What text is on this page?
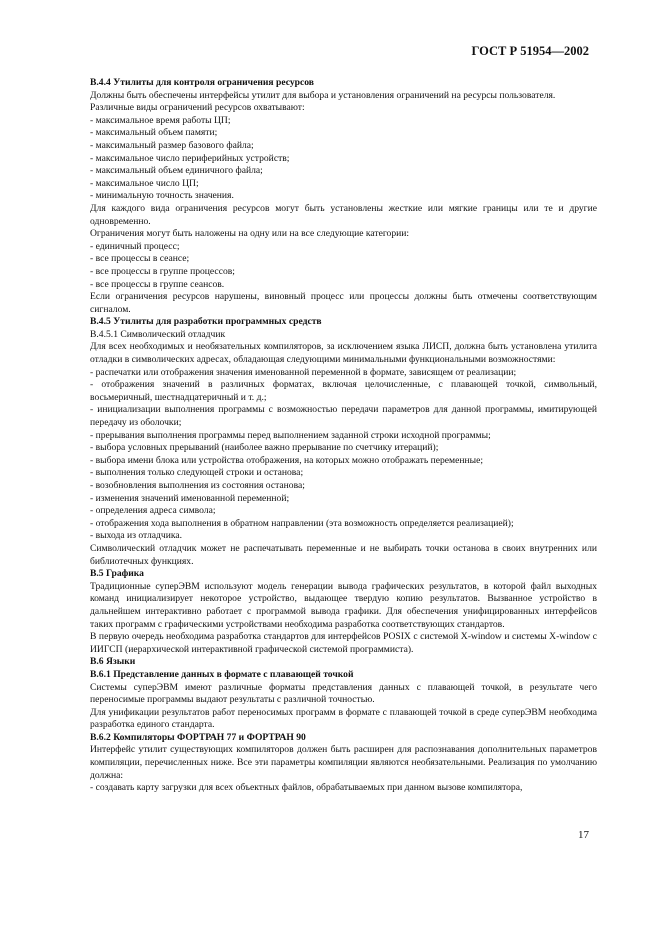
ГОСТ Р 51954—2002

В.4.4 Утилиты для контроля ограничения ресурсов

Должны быть обеспечены интерфейсы утилит для выбора и установления ограничений на ресурсы пользователя.

Различные виды ограничений ресурсов охватывают:

- максимальное время работы ЦП;

- максимальный объем памяти;

- максимальный размер базового файла;

- максимальное число периферийных устройств;

- максимальный объем единичного файла;

- максимальное число ЦП;

- минимальную точность значения.

Для каждого вида ограничения ресурсов могут быть установлены жесткие или мягкие границы или те и другие одновременно.

Ограничения могут быть наложены на одну или на все следующие категории:

- единичный процесс;

- все процессы в сеансе;

- все процессы в группе процессов;

- все процессы в группе сеансов.

Если ограничения ресурсов нарушены, виновный процесс или процессы должны быть отмечены соответствующим сигналом.

В.4.5 Утилиты для разработки программных средств

В.4.5.1 Символический отладчик

Для всех необходимых и необязательных компиляторов, за исключением языка ЛИСП, должна быть установлена утилита отладки в символических адресах, обладающая следующими минимальными функциональными возможностями:

- распечатки или отображения значения именованной переменной в формате, зависящем от реализации;

- отображения значений в различных форматах, включая целочисленные, с плавающей точкой, символьный, восьмеричный, шестнадцатеричный и т. д.;

- инициализации выполнения программы с возможностью передачи параметров для данной программы, имитирующей передачу из оболочки;

- прерывания выполнения программы перед выполнением заданной строки исходной программы;

- выбора условных прерываний (наиболее важно прерывание по счетчику итераций);

- выбора имени блока или устройства отображения, на которых можно отображать переменные;

- выполнения только следующей строки и останова;

- возобновления выполнения из состояния останова;

- изменения значений именованной переменной;

- определения адреса символа;

- отображения хода выполнения в обратном направлении (эта возможность определяется реализацией);

- выхода из отладчика.

Символический отладчик может не распечатывать переменные и не выбирать точки останова в своих внутренних или библиотечных функциях.

В.5 Графика

Традиционные суперЭВМ используют модель генерации вывода графических результатов, в которой файл выходных команд инициализирует некоторое устройство, выдающее твердую копию результатов. Вызванное устройство в дальнейшем интерактивно работает с программой вывода графики. Для обеспечения унифицированных интерфейсов таких программ с графическими устройствами необходима разработка соответствующих стандартов.

В первую очередь необходима разработка стандартов для интерфейсов POSIX с системой X-window и системы X-window с ИИГСП (иерархической интерактивной графической системой программиста).

В.6 Языки

В.6.1 Представление данных в формате с плавающей точкой

Системы суперЭВМ имеют различные форматы представления данных с плавающей точкой, в результате чего переносимые программы выдают результаты с различной точностью.

Для унификации результатов работ переносимых программ в формате с плавающей точкой в среде суперЭВМ необходима разработка единого стандарта.

В.6.2 Компиляторы ФОРТРАН 77 и ФОРТРАН 90

Интерфейс утилит существующих компиляторов должен быть расширен для распознавания дополнительных параметров компиляции, перечисленных ниже. Все эти параметры компиляции являются необязательными. Реализация по умолчанию должна:

- создавать карту загрузки для всех объектных файлов, обрабатываемых при данном вызове компилятора,

17
